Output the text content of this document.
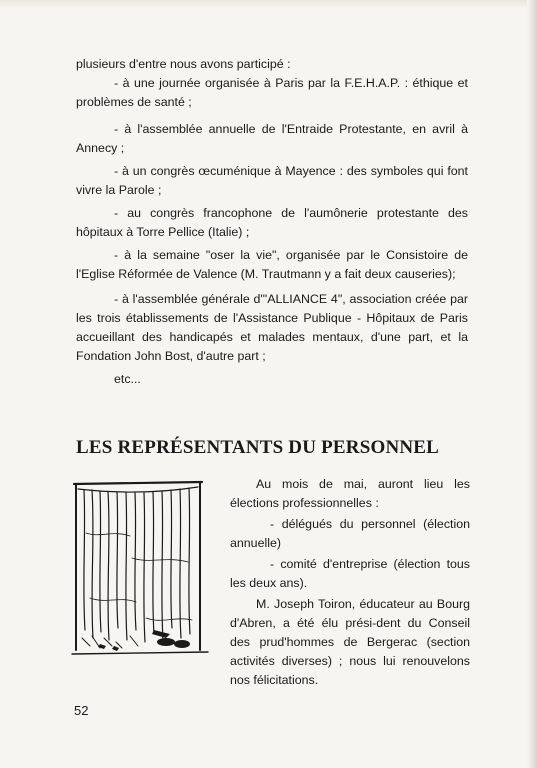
plusieurs d'entre nous avons participé :

- à une journée organisée à Paris par la F.E.H.A.P. : éthique et problèmes de santé ;

- à l'assemblée annuelle de l'Entraide Protestante, en avril à Annecy ;

- à un congrès œcuménique à Mayence : des symboles qui font vivre la Parole ;

- au congrès francophone de l'aumônerie protestante des hôpitaux à Torre Pellice (Italie) ;

- à la semaine "oser la vie", organisée par le Consistoire de l'Eglise Réformée de Valence (M. Trautmann y a fait deux causeries);

- à l'assemblée générale d'"ALLIANCE 4", association créée par les trois établissements de l'Assistance Publique - Hôpitaux de Paris accueillant des handicapés et malades mentaux, d'une part, et la Fondation John Bost, d'autre part ;

etc...

LES REPRÉSENTANTS DU PERSONNEL

Au mois de mai, auront lieu les élections professionnelles :

- délégués du personnel (élection annuelle)

- comité d'entreprise (élection tous les deux ans).

M. Joseph Toiron, éducateur au Bourg d'Abren, a été élu prési-dent du Conseil des prud'hommes de Bergerac (section activités diverses) ; nous lui renouvelons nos félicitations.

52
